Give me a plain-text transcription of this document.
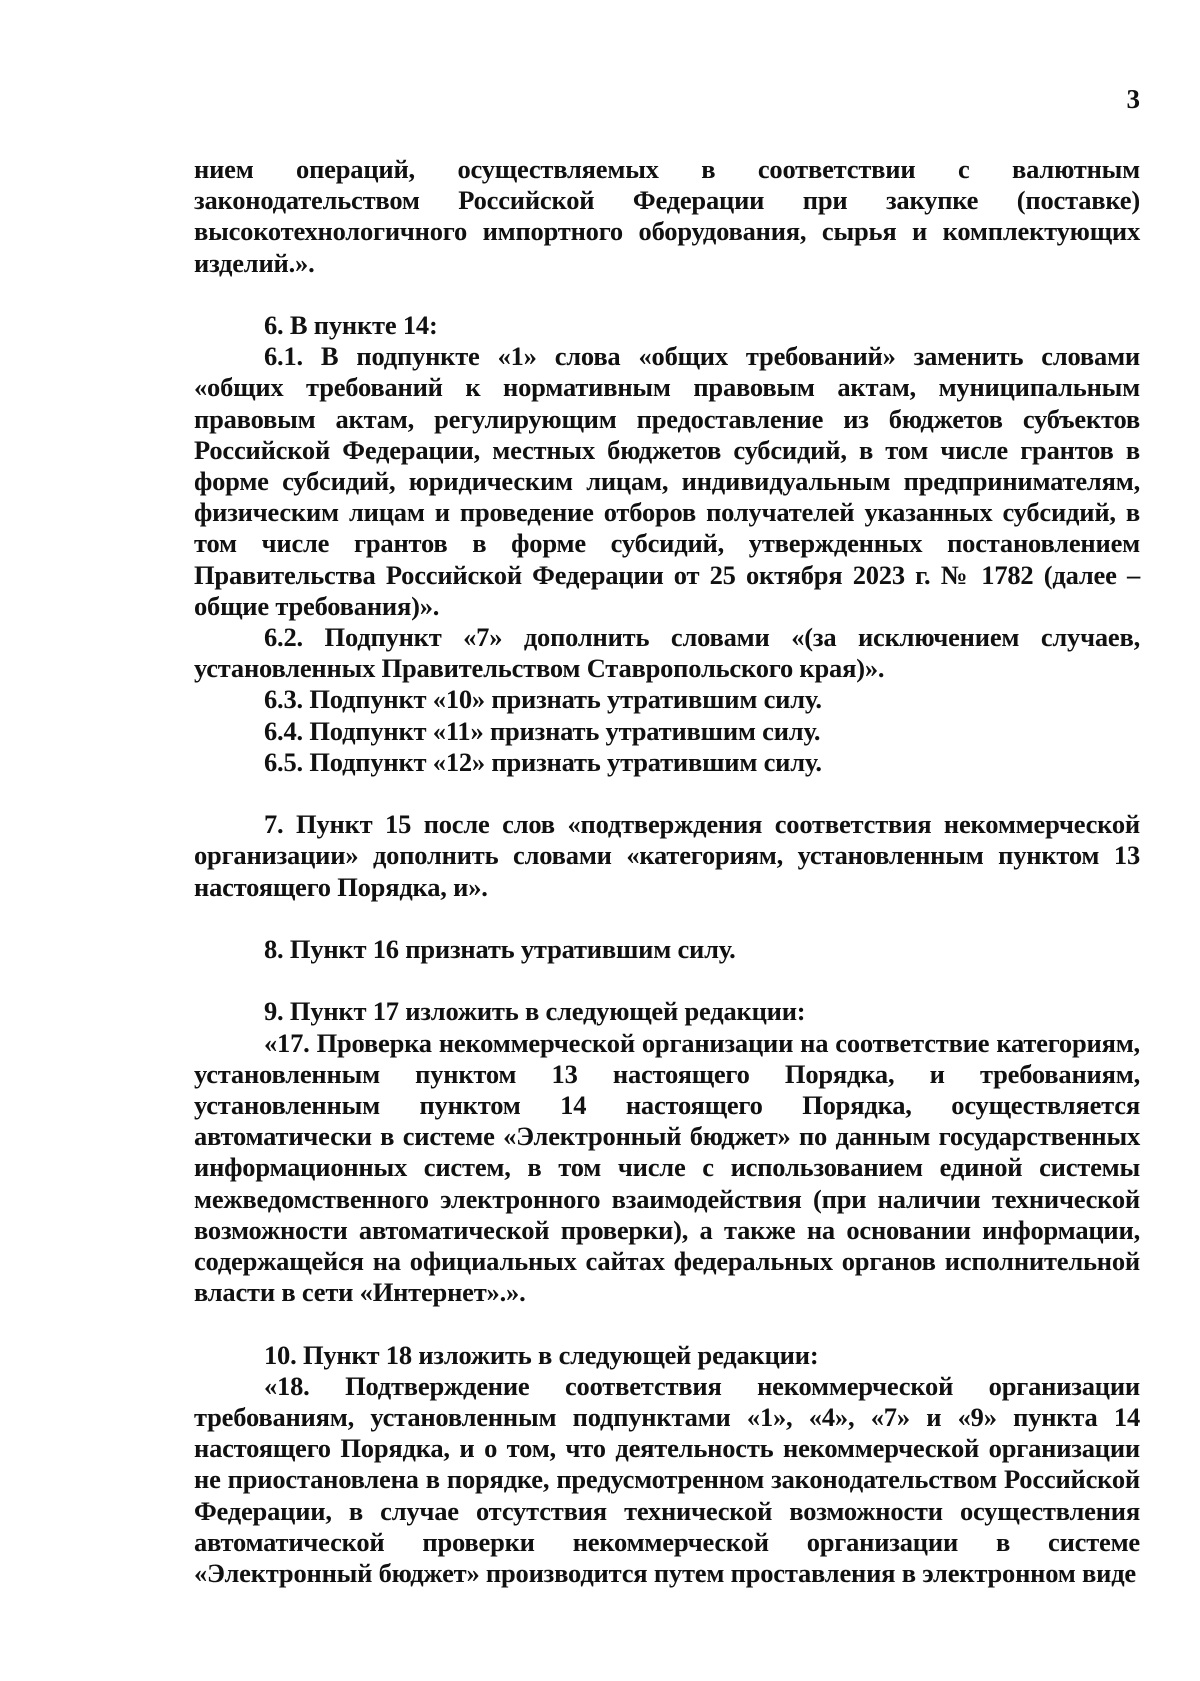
3

нием операций, осуществляемых в соответствии с валютным законодательством Российской Федерации при закупке (поставке) высокотехнологичного импортного оборудования, сырья и комплектующих изделий.».

6. В пункте 14:

6.1. В подпункте «1» слова «общих требований» заменить словами «общих требований к нормативным правовым актам, муниципальным правовым актам, регулирующим предоставление из бюджетов субъектов Российской Федерации, местных бюджетов субсидий, в том числе грантов в форме субсидий, юридическим лицам, индивидуальным предпринимателям, физическим лицам и проведение отборов получателей указанных субсидий, в том числе грантов в форме субсидий, утвержденных постановлением Правительства Российской Федерации от 25 октября 2023 г. № 1782 (далее – общие требования)».

6.2. Подпункт «7» дополнить словами «(за исключением случаев, установленных Правительством Ставропольского края)».

6.3. Подпункт «10» признать утратившим силу.

6.4. Подпункт «11» признать утратившим силу.

6.5. Подпункт «12» признать утратившим силу.

7. Пункт 15 после слов «подтверждения соответствия некоммерческой организации» дополнить словами «категориям, установленным пунктом 13 настоящего Порядка, и».

8. Пункт 16 признать утратившим силу.

9. Пункт 17 изложить в следующей редакции:

«17. Проверка некоммерческой организации на соответствие категориям, установленным пунктом 13 настоящего Порядка, и требованиям, установленным пунктом 14 настоящего Порядка, осуществляется автоматически в системе «Электронный бюджет» по данным государственных информационных систем, в том числе с использованием единой системы межведомственного электронного взаимодействия (при наличии технической возможности автоматической проверки), а также на основании информации, содержащейся на официальных сайтах федеральных органов исполнительной власти в сети «Интернет».».

10. Пункт 18 изложить в следующей редакции:

«18. Подтверждение соответствия некоммерческой организации требованиям, установленным подпунктами «1», «4», «7» и «9» пункта 14 настоящего Порядка, и о том, что деятельность некоммерческой организации не приостановлена в порядке, предусмотренном законодательством Российской Федерации, в случае отсутствия технической возможности осуществления автоматической проверки некоммерческой организации в системе «Электронный бюджет» производится путем проставления в электронном виде
